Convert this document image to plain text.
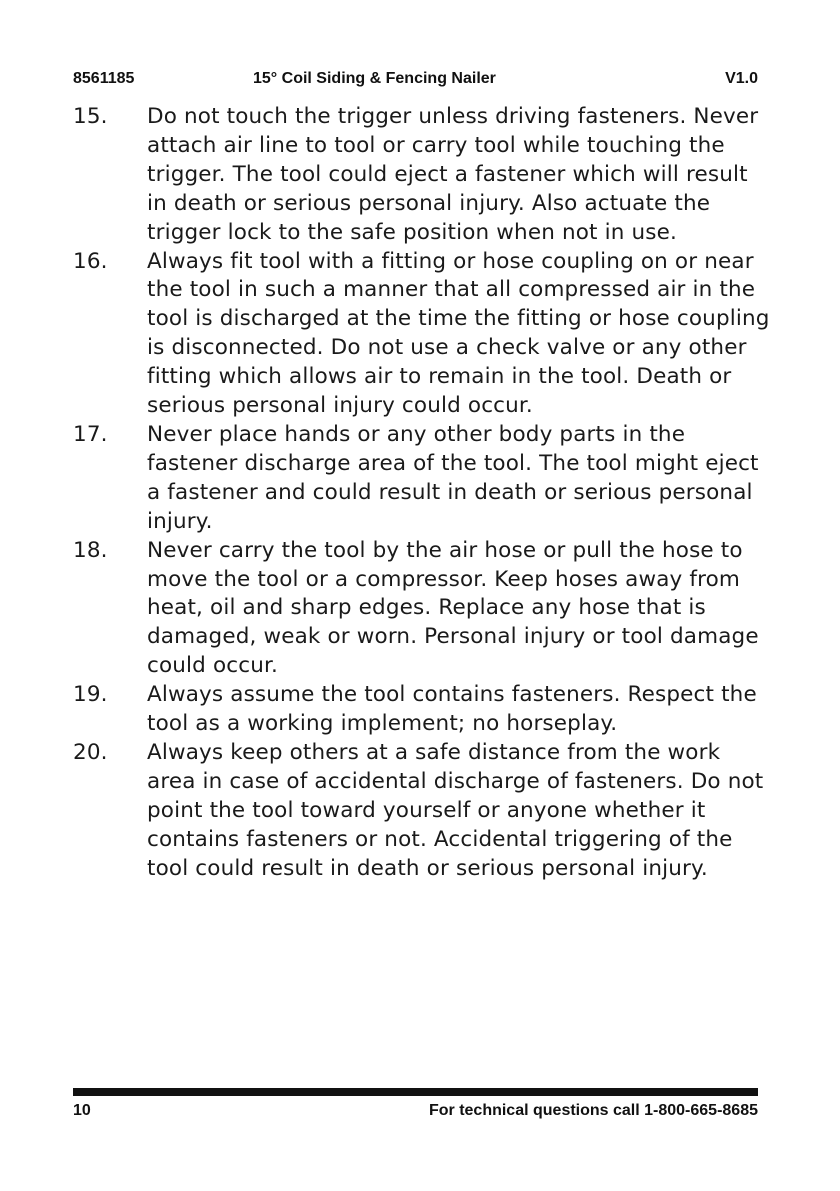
8561185	15° Coil Siding & Fencing Nailer	V1.0
15. Do not touch the trigger unless driving fasteners. Never attach air line to tool or carry tool while touching the trigger. The tool could eject a fastener which will result in death or serious personal injury. Also actuate the trigger lock to the safe position when not in use.
16. Always fit tool with a fitting or hose coupling on or near the tool in such a manner that all compressed air in the tool is discharged at the time the fitting or hose coupling is disconnected. Do not use a check valve or any other fitting which allows air to remain in the tool. Death or serious personal injury could occur.
17. Never place hands or any other body parts in the fastener discharge area of the tool. The tool might eject a fastener and could result in death or serious personal injury.
18. Never carry the tool by the air hose or pull the hose to move the tool or a compressor. Keep hoses away from heat, oil and sharp edges. Replace any hose that is damaged, weak or worn. Personal injury or tool damage could occur.
19. Always assume the tool contains fasteners. Respect the tool as a working implement; no horseplay.
20. Always keep others at a safe distance from the work area in case of accidental discharge of fasteners. Do not point the tool toward yourself or anyone whether it contains fasteners or not. Accidental triggering of the tool could result in death or serious personal injury.
10	For technical questions call 1-800-665-8685
